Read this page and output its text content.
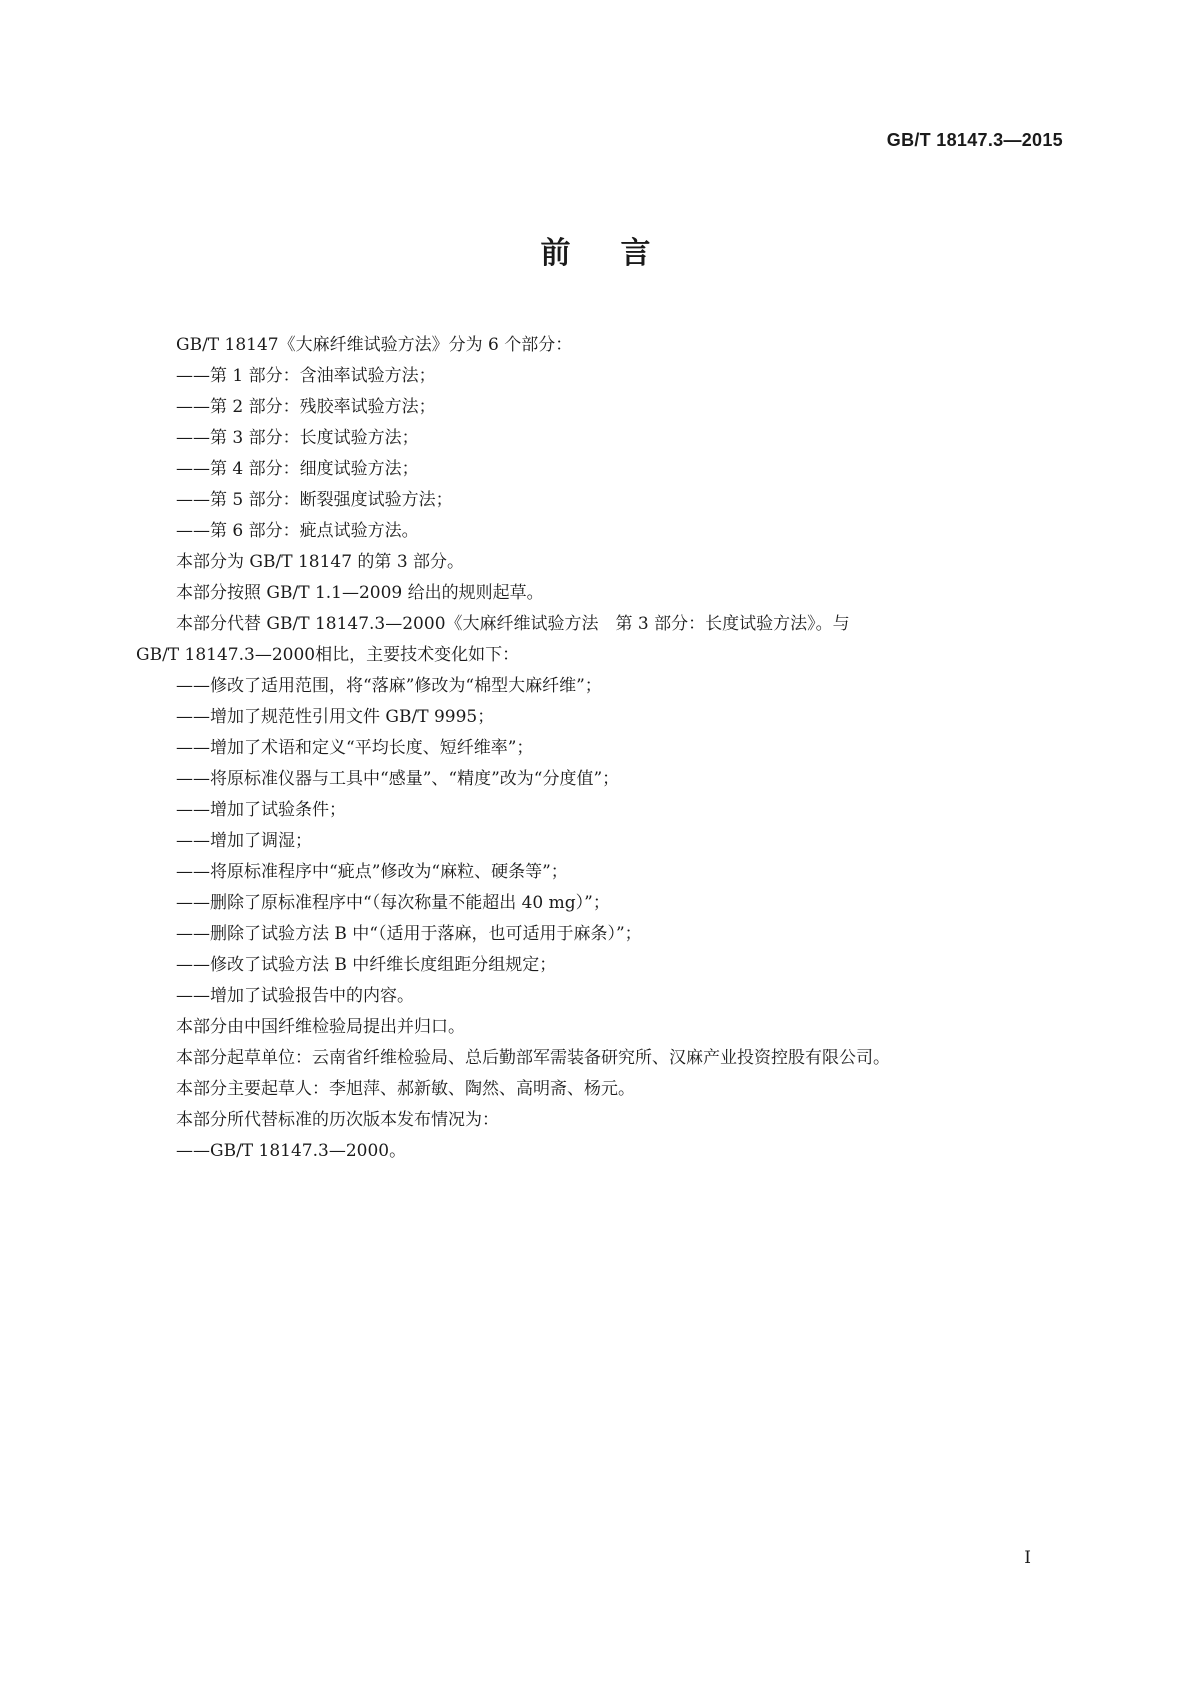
GB/T 18147.3—2015
前言
GB/T 18147《大麻纤维试验方法》分为 6 个部分：
——第 1 部分：含油率试验方法；
——第 2 部分：残胶率试验方法；
——第 3 部分：长度试验方法；
——第 4 部分：细度试验方法；
——第 5 部分：断裂强度试验方法；
——第 6 部分：疵点试验方法。
本部分为 GB/T 18147 的第 3 部分。
本部分按照 GB/T 1.1—2009 给出的规则起草。
本部分代替 GB/T 18147.3—2000《大麻纤维试验方法　第 3 部分：长度试验方法》。与
GB/T 18147.3—2000相比，主要技术变化如下：
——修改了适用范围，将“落麻”修改为“棉型大麻纤维”；
——增加了规范性引用文件 GB/T 9995；
——增加了术语和定义“平均长度、短纤维率”；
——将原标准仪器与工具中“感量”、“精度”改为“分度值”；
——增加了试验条件；
——增加了调湿；
——将原标准程序中“疵点”修改为“麻粒、硬条等”；
——删除了原标准程序中“（每次称量不能超出 40 mg）”；
——删除了试验方法 B 中“（适用于落麻，也可适用于麻条）”；
——修改了试验方法 B 中纤维长度组距分组规定；
——增加了试验报告中的内容。
本部分由中国纤维检验局提出并归口。
本部分起草单位：云南省纤维检验局、总后勤部军需装备研究所、汉麻产业投资控股有限公司。
本部分主要起草人：李旭萍、郝新敏、陶然、高明斋、杨元。
本部分所代替标准的历次版本发布情况为：
——GB/T 18147.3—2000。
I
